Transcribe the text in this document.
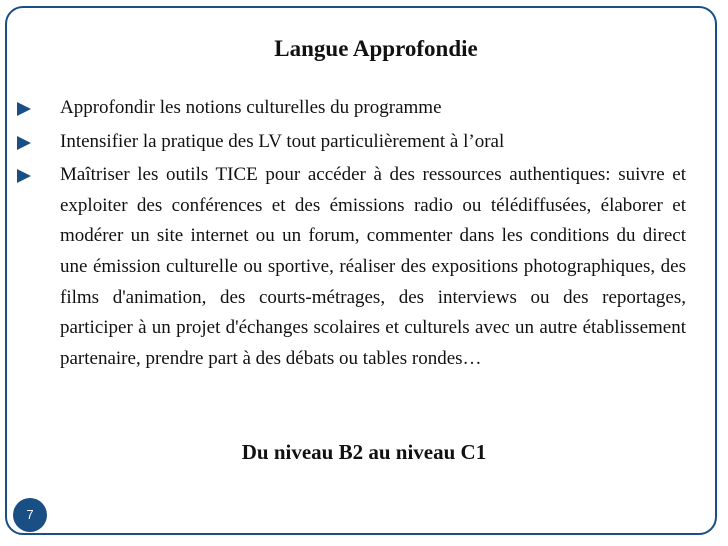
Langue Approfondie
Approfondir les notions culturelles du programme
Intensifier la pratique des LV tout particulièrement à l’oral
Maîtriser les outils TICE pour accéder à des ressources authentiques: suivre et exploiter des conférences et des émissions radio ou télédiffusées, élaborer et modérer un site internet ou un forum, commenter dans les conditions du direct une émission culturelle ou sportive, réaliser des expositions photographiques, des films d'animation, des courts-métrages, des interviews ou des reportages, participer à un projet d'échanges scolaires et culturels avec un autre établissement partenaire, prendre part à des débats ou tables rondes…

Du niveau B2 au niveau C1

7
